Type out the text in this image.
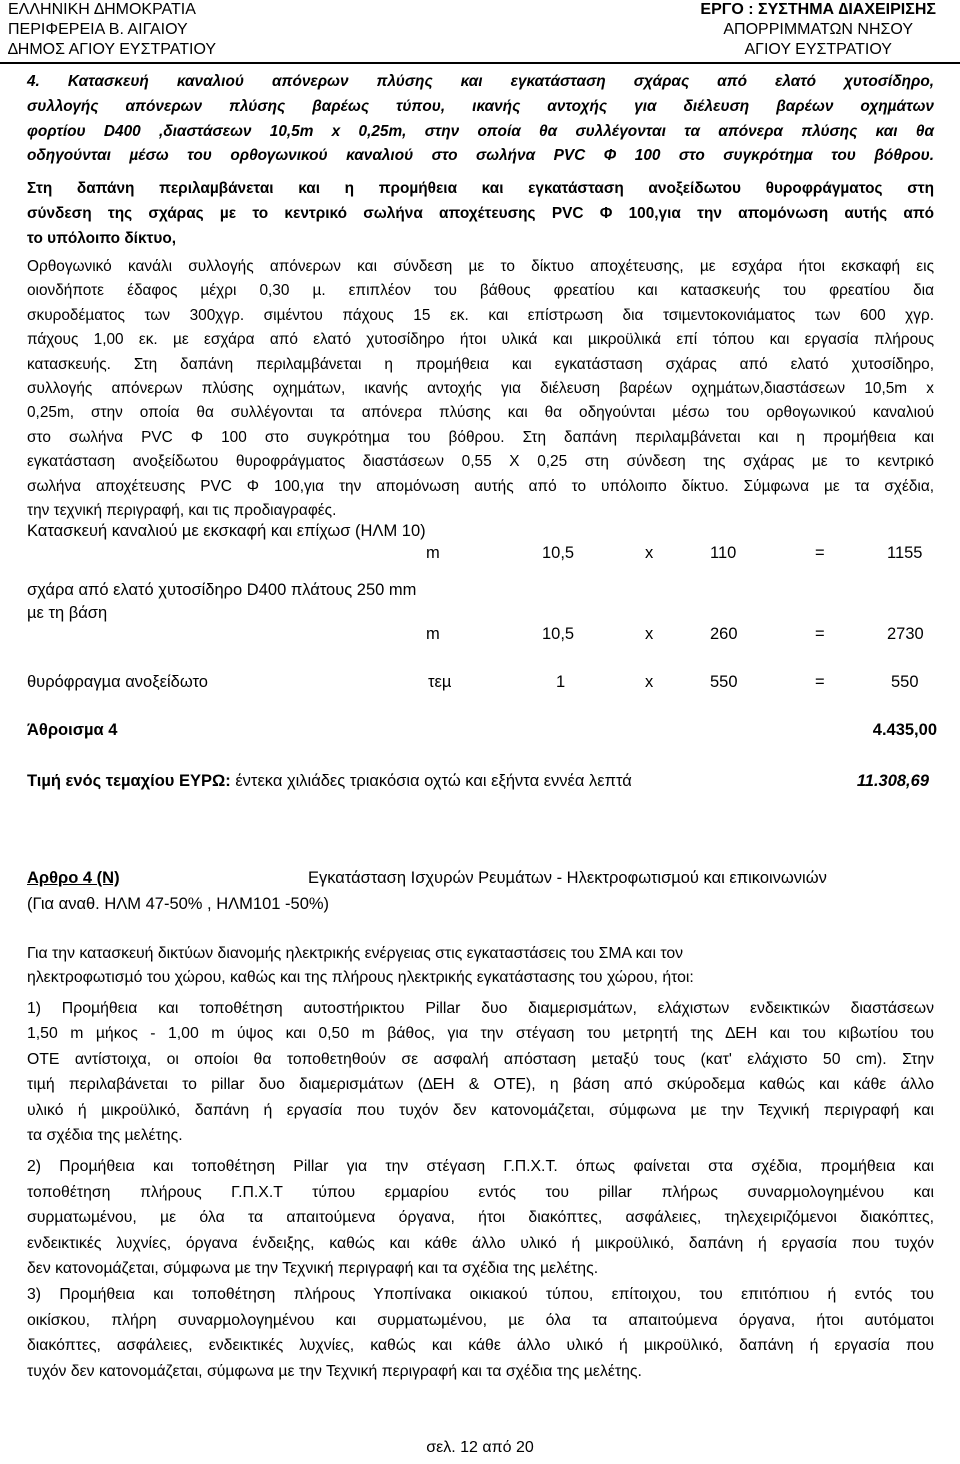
ΕΛΛΗΝΙΚΗ ∆ΗΜΟΚΡΑΤΙΑ
ΠΕΡΙΦΕΡΕΙΑ Β. ΑΙΓΑΙΟΥ
∆ΗΜΟΣ ΑΓΙΟΥ ΕΥΣΤΡΑΤΙΟΥ
ΕΡΓΟ : ΣΥΣΤΗΜΑ ∆ΙΑΧΕΙΡΙΣΗΣ
ΑΠΟΡΡΙΜΜΑΤΩΝ ΝΗΣΟΥ
ΑΓΙΟΥ ΕΥΣΤΡΑΤΙΟΥ
4. Κατασκευή καναλιού απόνερων πλύσης και εγκατάσταση σχάρας από ελατό χυτοσίδηρο,
συλλογής απόνερων πλύσης βαρέως τύπου, ικανής αντοχής για διέλευση βαρέων οχηµάτων
φορτίου D400 ,διαστάσεων 10,5m x 0,25m, στην οποία θα συλλέγονται τα απόνερα πλύσης και θα
οδηγούνται µέσω του ορθογωνικού καναλιού στο σωλήνα PVC Φ 100 στο συγκρότηµα του βόθρου.
Στη δαπάνη περιλαµβάνεται και η προµήθεια και εγκατάσταση ανοξείδωτου θυροφράγµατος στη
σύνδεση της σχάρας µε το κεντρικό σωλήνα αποχέτευσης PVC Φ 100,για την αποµόνωση αυτής από
το υπόλοιπο δίκτυο,
Ορθογωνικό κανάλι συλλογής απόνερων και σύνδεση µε το δίκτυο αποχέτευσης, µε εσχάρα ήτοι εκσκαφή εις
οιονδήποτε έδαφος µέχρι 0,30 µ. επιπλέον του βάθους φρεατίου και κατασκευής του φρεατίου δια
σκυροδέµατος των 300χγρ. σιµέντου πάχους 15 εκ. και επίστρωση δια τσιµεντοκονιάµατος των 600 χγρ.
πάχους 1,00 εκ. µε εσχάρα από ελατό χυτοσίδηρο ήτοι υλικά και µικροϋλικά επί τόπου και εργασία πλήρους
κατασκευής. Στη δαπάνη περιλαµβάνεται η προµήθεια και εγκατάσταση σχάρας από ελατό χυτοσίδηρο,
συλλογής απόνερων πλύσης οχηµάτων, ικανής αντοχής για διέλευση βαρέων οχηµάτων,διαστάσεων 10,5m x
0,25m, στην οποία θα συλλέγονται τα απόνερα πλύσης και θα οδηγούνται µέσω του ορθογωνικού καναλιού
στο σωλήνα PVC Φ 100 στο συγκρότηµα του βόθρου. Στη δαπάνη περιλαµβάνεται και η προµήθεια και
εγκατάσταση ανοξείδωτου θυροφράγµατος διαστάσεων 0,55 Χ 0,25 στη σύνδεση της σχάρας µε το κεντρικό
σωλήνα αποχέτευσης PVC Φ 100,για την αποµόνωση αυτής από το υπόλοιπο δίκτυο. Σύµφωνα µε τα σχέδια,
την τεχνική περιγραφή, και τις προδιαγραφές.
Κατασκευή καναλιού µε εκσκαφή και επίχωσ (ΗΛΜ 10)
m	10,5	x	110	=	1155
σχάρα από ελατό χυτοσίδηρο D400 πλάτους 250 mm
µε τη βάση
m	10,5	x	260	=	2730
θυρόφραγµα ανοξείδωτο	τεµ	1	x	550	=	550
Άθροισµα 4	4.435,00
Τιµή ενός τεµαχίου ΕΥΡΩ: έντεκα χιλιάδες τριακόσια οχτώ και εξήντα εννέα λεπτά	11.308,69
Αρθρο 4 (Ν)	Εγκατάσταση Ισχυρών Ρευµάτων - Ηλεκτροφωτισµού και επικοινωνιών
(Για αναθ. ΗΛΜ 47-50% , ΗΛΜ101 -50%)
Για την κατασκευή δικτύων διανοµής ηλεκτρικής ενέργειας στις εγκαταστάσεις του ΣΜΑ και τον
ηλεκτροφωτισµό του χώρου, καθώς και της πλήρους ηλεκτρικής εγκατάστασης του χώρου, ήτοι:
1) Προµήθεια και τοποθέτηση αυτοστήρικτου Pillar δυο διαµερισµάτων, ελάχιστων ενδεικτικών διαστάσεων
1,50 m µήκος - 1,00 m ύψος και 0,50 m βάθος, για την στέγαση του µετρητή της ∆ΕΗ και του κιβωτίου του
ΟΤΕ αντίστοιχα, οι οποίοι θα τοποθετηθούν σε ασφαλή απόσταση µεταξύ τους (κατ' ελάχιστο 50 cm). Στην
τιµή περιλαβάνεται το pillar δυο διαµερισµάτων (∆ΕΗ & ΟΤΕ), η βάση από σκύροδεµα καθώς και κάθε άλλο
υλικό ή µικροϋλικό, δαπάνη ή εργασία που τυχόν δεν κατονοµάζεται, σύµφωνα µε την Τεχνική περιγραφή και
τα σχέδια της µελέτης.
2) Προµήθεια και τοποθέτηση Pillar για την στέγαση Γ.Π.Χ.Τ. όπως φαίνεται στα σχέδια, προµήθεια και
τοποθέτηση πλήρους Γ.Π.Χ.Τ τύπου ερµαρίου εντός του pillar πλήρως συναρµολογηµένου και
συρµατωµένου, µε όλα τα απαιτούµενα όργανα, ήτοι διακόπτες, ασφάλειες, τηλεχειριζόµενοι διακόπτες,
ενδεικτικές λυχνίες, όργανα ένδειξης, καθώς και κάθε άλλο υλικό ή µικροϋλικό, δαπάνη ή εργασία που τυχόν
δεν κατονοµάζεται, σύµφωνα µε την Τεχνική περιγραφή και τα σχέδια της µελέτης.
3) Προµήθεια και τοποθέτηση πλήρους Υποπίνακα οικιακού τύπου, επίτοιχου, του επιτόπιου ή εντός του
οικίσκου, πλήρη συναρµολογηµένου και συρµατωµένου, µε όλα τα απαιτούµενα όργανα, ήτοι αυτόµατοι
διακόπτες, ασφάλειες, ενδεικτικές λυχνίες, καθώς και κάθε άλλο υλικό ή µικροϋλικό, δαπάνη ή εργασία που
τυχόν δεν κατονοµάζεται, σύµφωνα µε την Τεχνική περιγραφή και τα σχέδια της µελέτης.
σελ. 12 από 20
